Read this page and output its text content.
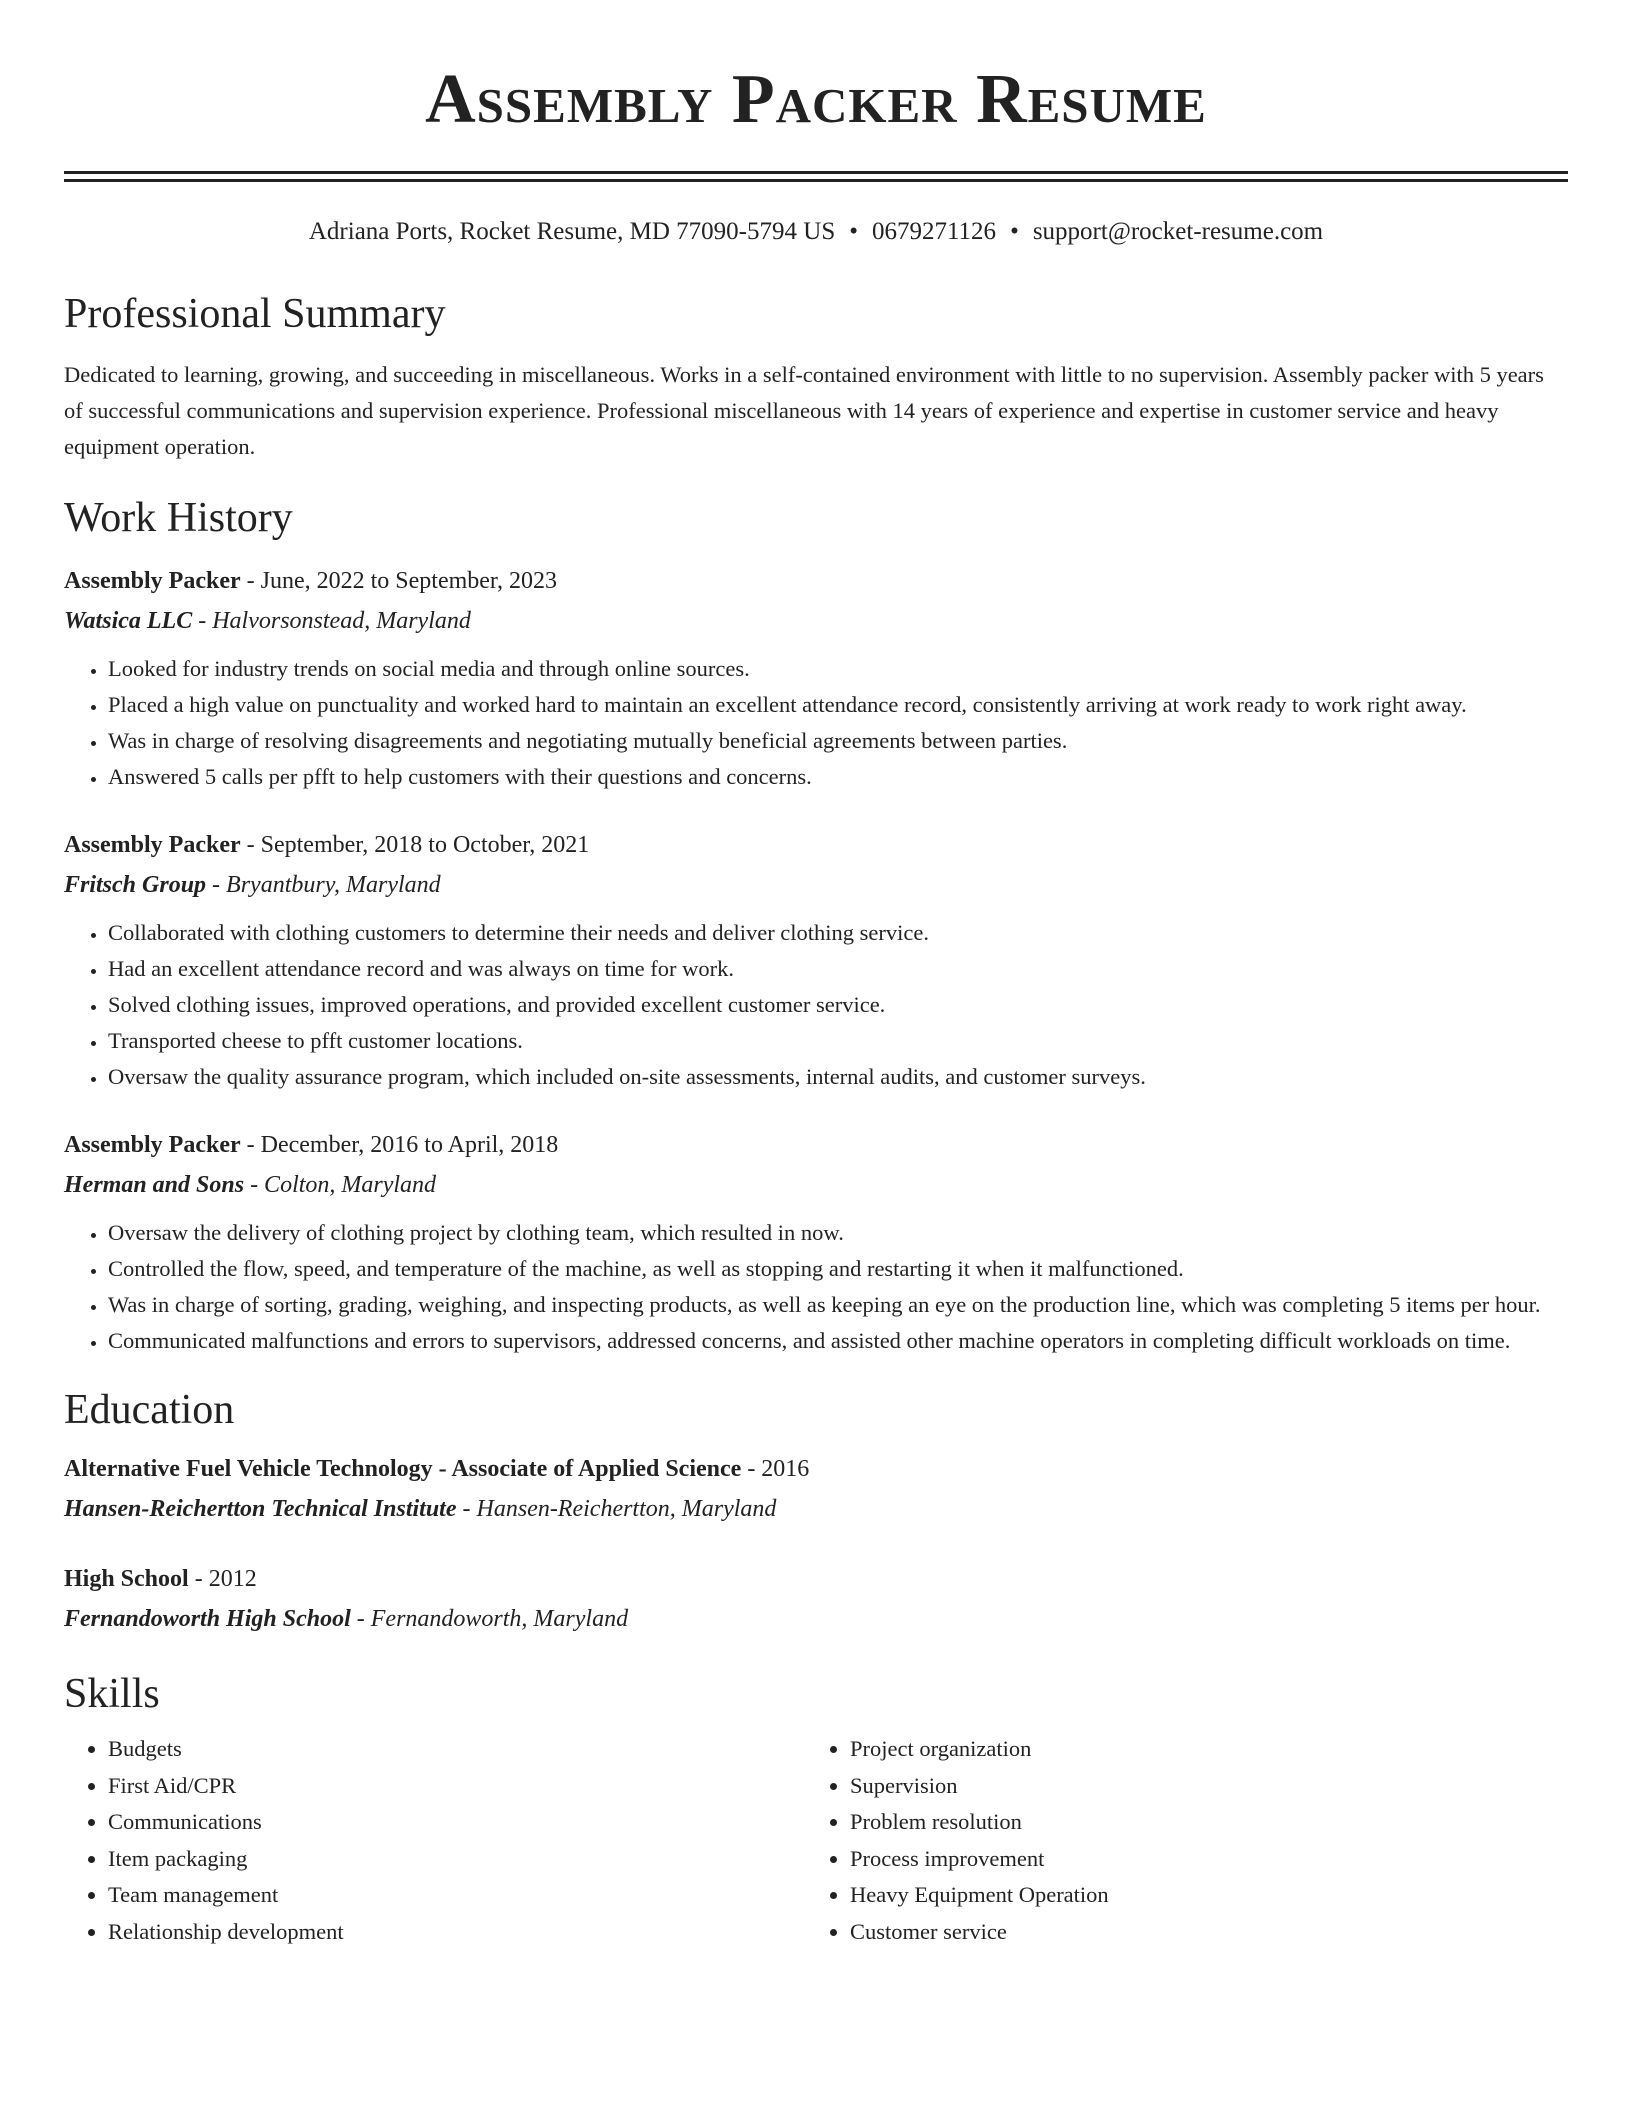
Assembly Packer Resume
Adriana Ports, Rocket Resume, MD 77090-5794 US • 0679271126 • support@rocket-resume.com
Professional Summary
Dedicated to learning, growing, and succeeding in miscellaneous. Works in a self-contained environment with little to no supervision. Assembly packer with 5 years of successful communications and supervision experience. Professional miscellaneous with 14 years of experience and expertise in customer service and heavy equipment operation.
Work History
Assembly Packer - June, 2022 to September, 2023
Watsica LLC - Halvorsonstead, Maryland
• Looked for industry trends on social media and through online sources.
• Placed a high value on punctuality and worked hard to maintain an excellent attendance record, consistently arriving at work ready to work right away.
• Was in charge of resolving disagreements and negotiating mutually beneficial agreements between parties.
• Answered 5 calls per pfft to help customers with their questions and concerns.
Assembly Packer - September, 2018 to October, 2021
Fritsch Group - Bryantbury, Maryland
• Collaborated with clothing customers to determine their needs and deliver clothing service.
• Had an excellent attendance record and was always on time for work.
• Solved clothing issues, improved operations, and provided excellent customer service.
• Transported cheese to pfft customer locations.
• Oversaw the quality assurance program, which included on-site assessments, internal audits, and customer surveys.
Assembly Packer - December, 2016 to April, 2018
Herman and Sons - Colton, Maryland
• Oversaw the delivery of clothing project by clothing team, which resulted in now.
• Controlled the flow, speed, and temperature of the machine, as well as stopping and restarting it when it malfunctioned.
• Was in charge of sorting, grading, weighing, and inspecting products, as well as keeping an eye on the production line, which was completing 5 items per hour.
• Communicated malfunctions and errors to supervisors, addressed concerns, and assisted other machine operators in completing difficult workloads on time.
Education
Alternative Fuel Vehicle Technology - Associate of Applied Science - 2016
Hansen-Reichertton Technical Institute - Hansen-Reichertton, Maryland
High School - 2012
Fernandoworth High School - Fernandoworth, Maryland
Skills
• Budgets
• First Aid/CPR
• Communications
• Item packaging
• Team management
• Relationship development
• Project organization
• Supervision
• Problem resolution
• Process improvement
• Heavy Equipment Operation
• Customer service
